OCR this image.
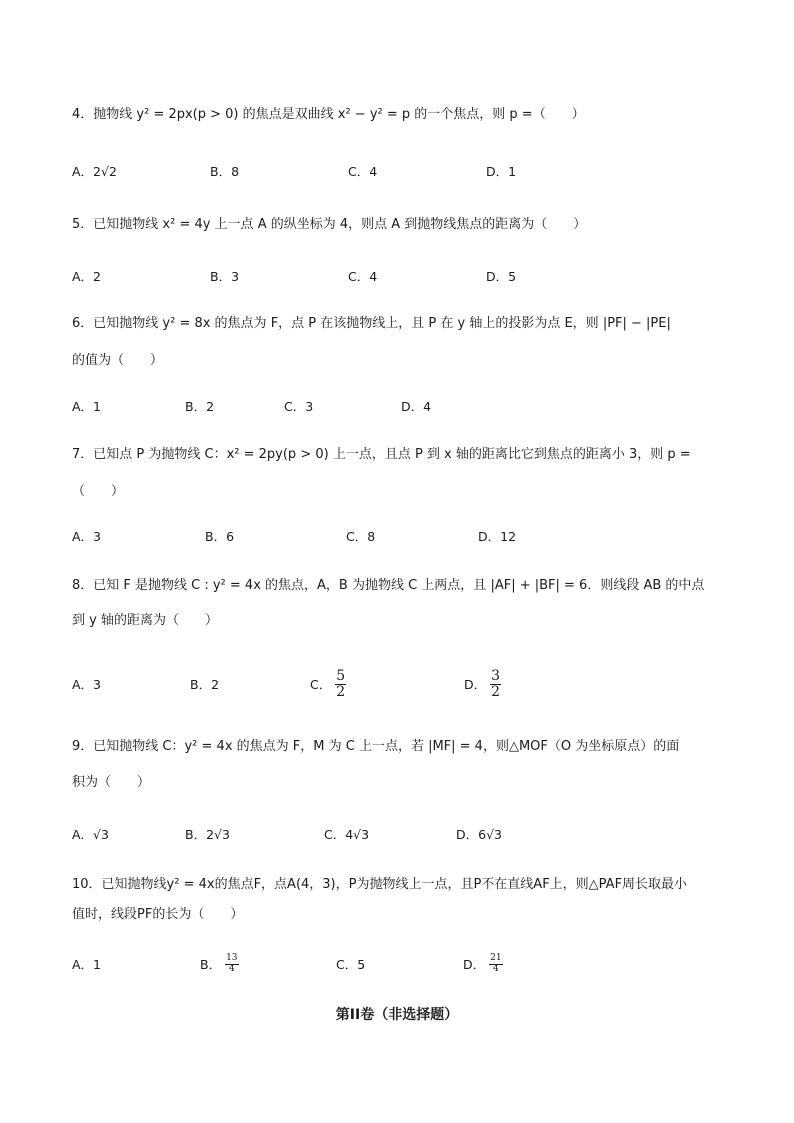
4．抛物线 y² = 2px(p > 0) 的焦点是双曲线 x² − y² = p 的一个焦点，则 p =（　　）
A．2√2	B．8	C．4	D．1
5．已知抛物线 x² = 4y 上一点 A 的纵坐标为 4，则点 A 到抛物线焦点的距离为（　　）
A．2	B．3	C．4	D．5
6．已知抛物线 y² = 8x 的焦点为 F，点 P 在该抛物线上，且 P 在 y 轴上的投影为点 E，则 |PF| − |PE|
的值为（　　）
A．1	B．2	C．3	D．4
7．已知点 P 为抛物线 C：x² = 2py(p > 0) 上一点，且点 P 到 x 轴的距离比它到焦点的距离小 3，则 p =
（　　）
A．3	B．6	C．8	D．12
8．已知 F 是抛物线 C : y² = 4x 的焦点，A，B 为抛物线 C 上两点，且 |AF| + |BF| = 6．则线段 AB 的中点
到 y 轴的距离为（　　）
A．3	B．2	C． $\frac{5}{2}$	D． $\frac{3}{2}$
9．已知抛物线 C：y² = 4x 的焦点为 F，M 为 C 上一点，若 |MF| = 4，则△MOF（O 为坐标原点）的面
积为（　　）
A．√3	B．2√3	C．4√3	D．6√3
10．已知抛物线y² = 4x的焦点F，点A(4，3)，P为抛物线上一点，且P不在直线AF上，则△PAF周长取最小
值时，线段PF的长为（　　）
A．1	B． $\frac{13}{4}$	C．5	D． $\frac{21}{4}$
第II卷（非选择题）
